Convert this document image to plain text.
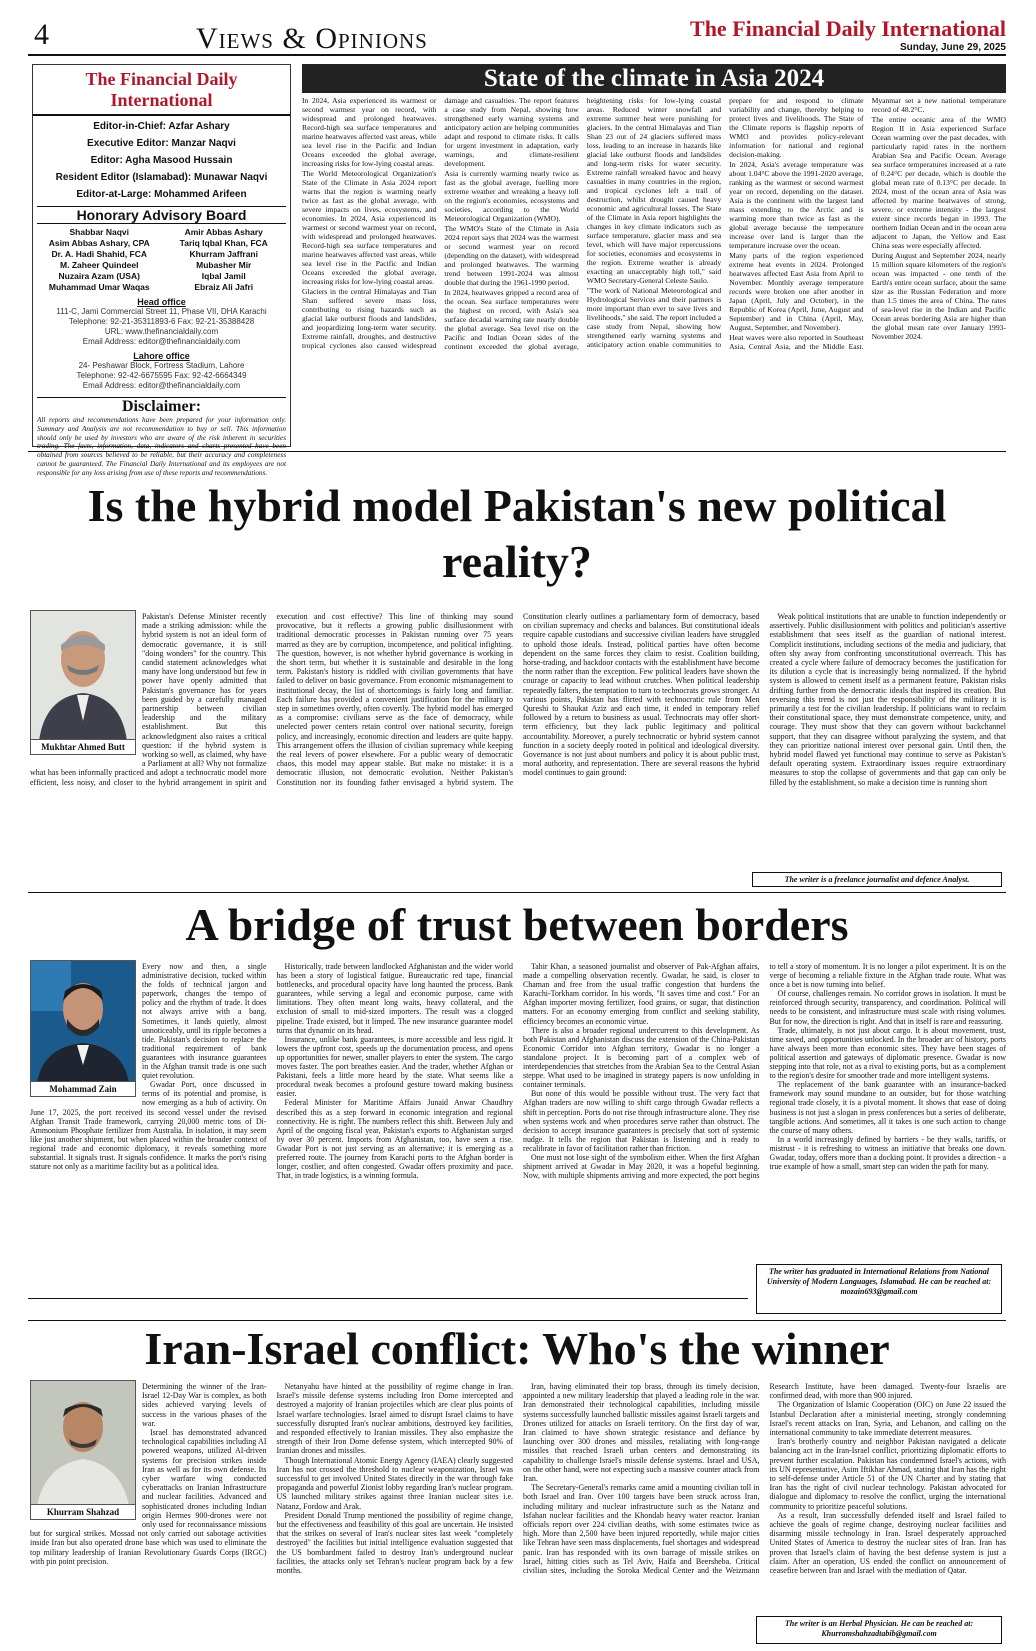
4	Views & Opinions	The Financial Daily International
Sunday, June 29, 2025
The Financial Daily International
Editor-in-Chief: Azfar Ashary
Executive Editor: Manzar Naqvi
Editor: Agha Masood Hussain
Resident Editor (Islamabad): Munawar Naqvi
Editor-at-Large: Mohammed Arifeen
Honorary Advisory Board
Shabbar Naqvi
Asim Abbas Ashary, CPA
Dr. A. Hadi Shahid, FCA
M. Zaheer Quindeel
Nuzaira Azam (USA)
Muhammad Umar Waqas
Amir Abbas Ashary
Tariq Iqbal Khan, FCA
Khurram Jaffrani
Mubasher Mir
Iqbal Jamil
Ebraiz Ali Jafri
Head office
111-C, Jami Commercial Street 11, Phase VII, DHA Karachi
Telephone: 92-21-35311893-6 Fax: 92-21-35388428
URL: www.thefinancialdaily.com
Email Address: editor@thefinancialdaily.com
Lahore office
24- Peshawar Block, Fortress Stadium, Lahore
Telephone: 92-42-6675595 Fax: 92-42-6664349
Email Address: editor@thefinancialdaily.com
Disclaimer:
All reports and recommendations have been prepared for your information only. Summary and Analysis are not recommendation to buy or sell. This information should only be used by investors who are aware of the risk inherent in securities trading. The facts, information, data, indicators and charts presented have been obtained from sources believed to be reliable, but their accuracy and completeness cannot be guaranteed. The Financial Daily International and its employees are not responsible for any loss arising from use of these reports and recommendations.
State of the climate in Asia 2024

In 2024, Asia experienced its warmest or second warmest year on record, with widespread and prolonged heatwaves. Record-high sea surface temperatures and marine heatwaves affected vast areas, while sea level rise in the Pacific and Indian Oceans exceeded the global average, increasing risks for low-lying coastal areas.

The World Meteorological Organization's State of the Climate in Asia 2024 report warns that the region is warming nearly twice as fast as the global average, with severe impacts on lives, ecosystems, and economies. In 2024, Asia experienced its warmest or second warmest year on record, with widespread and prolonged heatwaves. Record-high sea surface temperatures and marine heatwaves affected vast areas, while sea level rise in the Pacific and Indian Oceans exceeded the global average, increasing risks for low-lying coastal areas.

Glaciers in the central Himalayas and Tian Shan suffered severe mass loss, contributing to rising hazards such as glacial lake outburst floods and landslides, and jeopardizing long-term water security. Extreme rainfall, droughts, and destructive tropical cyclones also caused widespread damage and casualties. The report features a case study from Nepal, showing how strengthened early warning systems and anticipatory action are helping communities adapt and respond to climate risks. It calls for urgent investment in adaptation, early warnings, and climate-resilient development.

Asia is currently warming nearly twice as fast as the global average, fuelling more extreme weather and wreaking a heavy toll on the region's economies, ecosystems and societies, according to the World Meteorological Organization (WMO).

The WMO's State of the Climate in Asia 2024 report says that 2024 was the warmest or second warmest year on record (depending on the dataset), with widespread and prolonged heatwaves. The warming trend between 1991-2024 was almost double that during the 1961-1990 period.

In 2024, heatwaves gripped a record area of the ocean. Sea surface temperatures were the highest on record, with Asia's sea surface decadal warming rate nearly double the global average. Sea level rise on the Pacific and Indian Ocean sides of the continent exceeded the global average, heightening risks for low-lying coastal areas. Reduced winter snowfall and extreme summer heat were punishing for glaciers. In the central Himalayas and Tian Shan 23 out of 24 glaciers suffered mass loss, leading to an increase in hazards like glacial lake outburst floods and landslides and long-term risks for water security. Extreme rainfall wreaked havoc and heavy casualties in many countries in the region, and tropical cyclones left a trail of destruction, whilst drought caused heavy economic and agricultural losses. The State of the Climate in Asia report highlights the changes in key climate indicators such as surface temperature, glacier mass and sea level, which will have major repercussions for societies, economies and ecosystems in the region. Extreme weather is already exacting an unacceptably high toll," said WMO Secretary-General Celeste Saulo.

"The work of National Meteorological and Hydrological Services and their partners is more important than ever to save lives and livelihoods," she said. The report included a case study from Nepal, showing how strengthened early warning systems and anticipatory action enable communities to prepare for and respond to climate variability and change, thereby helping to protect lives and livelihoods. The State of the Climate reports is flagship reports of WMO and provides policy-relevant information for national and regional decision-making.

In 2024, Asia's average temperature was about 1.04°C above the 1991-2020 average, ranking as the warmest or second warmest year on record, depending on the dataset. Asia is the continent with the largest land mass extending to the Arctic and is warming more than twice as fast as the global average because the temperature increase over land is larger than the temperature increase over the ocean.

Many parts of the region experienced extreme heat events in 2024. Prolonged heatwaves affected East Asia from April to November. Monthly average temperature records were broken one after another in Japan (April, July and October), in the Republic of Korea (April, June, August and September) and in China (April, May, August, September, and November).

Heat waves were also reported in Southeast Asia, Central Asia, and the Middle East. Myanmar set a new national temperature record of 48.2°C.

The entire oceanic area of the WMO Region II in Asia experienced Surface Ocean warming over the past decades, with particularly rapid rates in the northern Arabian Sea and Pacific Ocean. Average sea surface temperatures increased at a rate of 0.24°C per decade, which is double the global mean rate of 0.13°C per decade. In 2024, most of the ocean area of Asia was affected by marine heatwaves of strong, severe, or extreme intensity - the largest extent since records began in 1993. The northern Indian Ocean and in the ocean area adjacent to Japan, the Yellow and East China seas were especially affected.

During August and September 2024, nearly 15 million square kilometers of the region's ocean was impacted - one tenth of the Earth's entire ocean surface, about the same size as the Russian Federation and more than 1.5 times the area of China. The rates of sea-level rise in the Indian and Pacific Ocean areas bordering Asia are higher than the global mean rate over January 1993-November 2024.

Is the hybrid model Pakistan's new political reality?
Mukhtar Ahmed Butt

Pakistan's Defense Minister recently made a striking admission: while the hybrid system is not an ideal form of democratic governance, it is still "doing wonders" for the country. This candid statement acknowledges what many have long understood but few in power have openly admitted that Pakistan's governance has for years been guided by a carefully managed partnership between civilian leadership and the military establishment. But this acknowledgment also raises a critical question: if the hybrid system is working so well, as claimed, why have a Parliament at all? Why not formalize what has been informally practiced and adopt a technocratic model more efficient, less noisy, and closer to the hybrid arrangement in spirit and execution and cost effective? This line of thinking may sound provocative, but it reflects a growing public disillusionment with traditional democratic processes in Pakistan running over 75 years marred as they are by corruption, incompetence, and political infighting. The question, however, is not whether hybrid governance is working in the short term, but whether it is sustainable and desirable in the long term. Pakistan's history is riddled with civilian governments that have failed to deliver on basic governance. From economic mismanagement to institutional decay, the list of shortcomings is fairly long and familiar. Each failure has provided a convenient justification for the military to step in sometimes overtly, often covertly. The hybrid model has emerged as a compromise: civilians serve as the face of democracy, while unelected power centers retain control over national security, foreign policy, and increasingly, economic direction and leaders are quite happy. This arrangement offers the illusion of civilian supremacy while keeping the real levers of power elsewhere. For a public weary of democratic chaos, this model may appear stable. But make no mistake: it is a democratic illusion, not democratic evolution. Neither Pakistan's Constitution nor its founding father envisaged a hybrid system. The Constitution clearly outlines a parliamentary form of democracy, based on civilian supremacy and checks and balances. But constitutional ideals require capable custodians and successive civilian leaders have struggled to uphold those ideals. Instead, political parties have often become dependent on the same forces they claim to resist. Coalition building, horse-trading, and backdoor contacts with the establishment have become the norm rather than the exception. Few political leaders have shown the courage or capacity to lead without crutches. When political leadership repeatedly falters, the temptation to turn to technocrats grows stronger. At various points, Pakistan has flirted with technocratic rule from Men Qureshi to Shaukat Aziz and each time, it ended in temporary relief followed by a return to business as usual. Technocrats may offer short-term efficiency, but they lack public legitimacy and political accountability. Moreover, a purely technocratic or hybrid system cannot function in a society deeply rooted in political and ideological diversity. Governance is not just about numbers and policy it is about public trust, moral authority, and representation. There are several reasons the hybrid model continues to gain ground:

Weak political institutions that are unable to function independently or assertively. Public disillusionment with politics and politician's assertive establishment that sees itself as the guardian of national interest. Complicit institutions, including sections of the media and judiciary, that often shy away from confronting unconstitutional overreach. This has created a cycle where failure of democracy becomes the justification for its dilution a cycle that is increasingly being normalized. If the hybrid system is allowed to cement itself as a permanent feature, Pakistan risks drifting further from the democratic ideals that inspired its creation. But reversing this trend is not just the responsibility of the military it is primarily a test for the civilian leadership. If politicians want to reclaim their constitutional space, they must demonstrate competence, unity, and courage. They must show that they can govern without backchannel support, that they can disagree without paralyzing the system, and that they can prioritize national interest over personal gain. Until then, the hybrid model flawed yet functional may continue to serve as Pakistan's default operating system. Extraordinary issues require extraordinary measures to stop the collapse of governments and that gap can only be filled by the establishment, so make a decision time is running short

The writer is a freelance journalist and defence Analyst.
A bridge of trust between borders
Mohammad Zain

Every now and then, a single administrative decision, tucked within the folds of technical jargon and paperwork, changes the tempo of policy and the rhythm of trade. It does not always arrive with a bang. Sometimes, it lands quietly, almost unnoticeably, until its ripple becomes a tide. Pakistan's decision to replace the traditional requirement of bank guarantees with insurance guarantees in the Afghan transit trade is one such quiet revolution.

Gwadar Port, once discussed in terms of its potential and promise, is now emerging as a hub of activity. On June 17, 2025, the port received its second vessel under the revised Afghan Transit Trade framework, carrying 20,000 metric tons of Di-Ammonium Phosphate fertilizer from Australia. In isolation, it may seem like just another shipment, but when placed within the broader context of regional trade and economic diplomacy, it reveals something more substantial. It signals trust. It signals confidence. It marks the port's rising stature not only as a maritime facility but as a political idea.

Historically, trade between landlocked Afghanistan and the wider world has been a story of logistical fatigue. Bureaucratic red tape, financial bottlenecks, and procedural opacity have long haunted the process. Bank guarantees, while serving a legal and economic purpose, came with limitations. They often meant long waits, heavy collateral, and the exclusion of small to mid-sized importers. The result was a clogged pipeline. Trade existed, but it limped. The new insurance guarantee model turns that dynamic on its head.

Insurance, unlike bank guarantees, is more accessible and less rigid. It lowers the upfront cost, speeds up the documentation process, and opens up opportunities for newer, smaller players to enter the system. The cargo moves faster. The port breathes easier. And the trader, whether Afghan or Pakistani, feels a little more heard by the state. What seems like a procedural tweak becomes a profound gesture toward making business easier.

Federal Minister for Maritime Affairs Junaid Anwar Chaudhry described this as a step forward in economic integration and regional connectivity. He is right. The numbers reflect this shift. Between July and April of the ongoing fiscal year, Pakistan's exports to Afghanistan surged by over 30 percent. Imports from Afghanistan, too, have seen a rise. Gwadar Port is not just serving as an alternative; it is emerging as a preferred route. The journey from Karachi ports to the Afghan border is longer, costlier, and often congested. Gwadar offers proximity and pace. That, in trade logistics, is a winning formula.

Tahir Khan, a seasoned journalist and observer of Pak-Afghan affairs, made a compelling observation recently. Gwadar, he said, is closer to Chaman and free from the usual traffic congestion that burdens the Karachi-Torkham corridor. In his words, "It saves time and cost." For an Afghan importer moving fertilizer, food grains, or sugar, that distinction matters. For an economy emerging from conflict and seeking stability, efficiency becomes an economic virtue.

There is also a broader regional undercurrent to this development. As both Pakistan and Afghanistan discuss the extension of the China-Pakistan Economic Corridor into Afghan territory, Gwadar is no longer a standalone project. It is becoming part of a complex web of interdependencies that stretches from the Arabian Sea to the Central Asian steppe. What used to be imagined in strategy papers is now unfolding in container terminals.

But none of this would be possible without trust. The very fact that Afghan traders are now willing to shift cargo through Gwadar reflects a shift in perception. Ports do not rise through infrastructure alone. They rise when systems work and when procedures serve rather than obstruct. The decision to accept insurance guarantees is precisely that sort of systemic nudge. It tells the region that Pakistan is listening and is ready to recalibrate in favor of facilitation rather than friction.

One must not lose sight of the symbolism either. When the first Afghan shipment arrived at Gwadar in May 2020, it was a hopeful beginning. Now, with multiple shipments arriving and more expected, the port begins to tell a story of momentum. It is no longer a pilot experiment. It is on the verge of becoming a reliable fixture in the Afghan trade route. What was once a bet is now turning into belief.

Of course, challenges remain. No corridor grows in isolation. It must be reinforced through security, transparency, and coordination. Political will needs to be consistent, and infrastructure must scale with rising volumes. But for now, the direction is right. And that in itself is rare and reassuring.

Trade, ultimately, is not just about cargo. It is about movement, trust, time saved, and opportunities unlocked. In the broader arc of history, ports have always been more than economic sites. They have been stages of political assertion and gateways of diplomatic presence. Gwadar is now stepping into that role, not as a rival to existing ports, but as a complement to the region's desire for smoother trade and more intelligent systems.

The replacement of the bank guarantee with an insurance-backed framework may sound mundane to an outsider, but for those watching regional trade closely, it is a pivotal moment. It shows that ease of doing business is not just a slogan in press conferences but a series of deliberate, tangible actions. And sometimes, all it takes is one such action to change the course of many others.

In a world increasingly defined by barriers - be they walls, tariffs, or mistrust - it is refreshing to witness an initiative that breaks one down. Gwadar, today, offers more than a docking point. It provides a direction - a true example of how a small, smart step can widen the path for many.

The writer has graduated in International Relations from National University of Modern Languages, Islamabad. He can be reached at: mozain693@gmail.com
Iran-Israel conflict: Who's the winner
Khurram Shahzad

Determining the winner of the Iran-Israel 12-Day War is complex, as both sides achieved varying levels of success in the various phases of the war.

Israel has demonstrated advanced technological capabilities including AI powered weapons, utilized AI-driven systems for precision strikes inside Iran as well as for its own defense. Its cyber warfare wing conducted cyberattacks on Iranian Infrastructure and nuclear facilities. Advanced and sophisticated drones including Indian origin Hermes 900-drones were not only used for reconnaissance missions but for surgical strikes. Mossad not only carried out sabotage activities inside Iran but also operated drone base which was used to eliminate the top military leadership of Iranian Revolutionary Guards Corps (IRGC) with pin point precision.

Netanyahu have hinted at the possibility of regime change in Iran. Israel's missile defense systems including Iron Dome intercepted and destroyed a majority of Iranian projectiles which are clear plus points of Israel warfare technologies. Israel aimed to disrupt Israel claims to have successfully disrupted Iran's nuclear ambitions, destroyed key facilities, and responded effectively to Iranian missiles. They also emphasize the strength of their Iron Dome defense system, which intercepted 90% of Iranian drones and missiles.

Though International Atomic Energy Agency (IAEA) clearly suggested Iran has not crossed the threshold to nuclear weaponization, Israel was successful to get involved United States directly in the war through fake propaganda and powerful Zionist lobby regarding Iran's nuclear program. US launched military strikes against three Iranian nuclear sites i.e. Natanz, Fordow and Arak.

President Donald Trump mentioned the possibility of regime change, but the effectiveness and feasibility of this goal are uncertain. He insisted that the strikes on several of Iran's nuclear sites last week "completely destroyed" the facilities but initial intelligence evaluation suggested that the US bombardment failed to destroy Iran's underground nuclear facilities, the attacks only set Tehran's nuclear program back by a few months.

Iran, having eliminated their top brass, through its timely decision, appointed a new military leadership that played a leading role in the war. Iran demonstrated their technological capabilities, including missile systems successfully launched ballistic missiles against Israeli targets and Drones utilized for attacks on Israeli territory. On the first day of war, Iran claimed to have shown strategic resistance and defiance by launching over 300 drones and missiles, retaliating with long-range missiles that reached Israeli urban centers and demonstrating its capability to challenge Israel's missile defense systems. Israel and USA, on the other hand, were not expecting such a massive counter attack from Iran.

The Secretary-General's remarks came amid a mounting civilian toll in both Israel and Iran. Over 100 targets have been struck across Iran, including military and nuclear infrastructure such as the Natanz and Isfahan nuclear facilities and the Khondab heavy water reactor. Iranian officials report over 224 civilian deaths, with some estimates twice as high. More than 2,500 have been injured reportedly, while major cities like Tehran have seen mass displacements, fuel shortages and widespread panic. Iran has responded with its own barrage of missile strikes on Israel, hitting cities such as Tel Aviv, Haifa and Beersheba. Critical civilian sites, including the Soroka Medical Center and the Weizmann Research Institute, have been damaged. Twenty-four Israelis are confirmed dead, with more than 900 injured.

The Organization of Islamic Cooperation (OIC) on June 22 issued the Istanbul Declaration after a ministerial meeting, strongly condemning Israel's recent attacks on Iran, Syria, and Lebanon, and calling on the international community to take immediate deterrent measures.

Iran's brotherly country and neighbor Pakistan navigated a delicate balancing act in the Iran-Israel conflict, prioritizing diplomatic efforts to prevent further escalation. Pakistan has condemned Israel's actions, with its UN representative, Asim Iftikhar Ahmad, stating that Iran has the right to self-defense under Article 51 of the UN Charter and by stating that Iran has the right of civil nuclear technology. Pakistan advocated for dialogue and diplomacy to resolve the conflict, urging the international community to prioritize peaceful solutions.

As a result, Iran successfully defended itself and Israel failed to achieve the goals of regime change, destroying nuclear facilities and disarming missile technology in Iran. Israel desperately approached United States of America to destroy the nuclear sites of Iran. Iran has proven that Israel's claim of having the best defense system is just a claim. After an operation, US ended the conflict on announcement of ceasefire between Iran and Israel with the mediation of Qatar.

The writer is an Herbal Physician. He can be reached at: Khurramshahzadtabib@gmail.com
